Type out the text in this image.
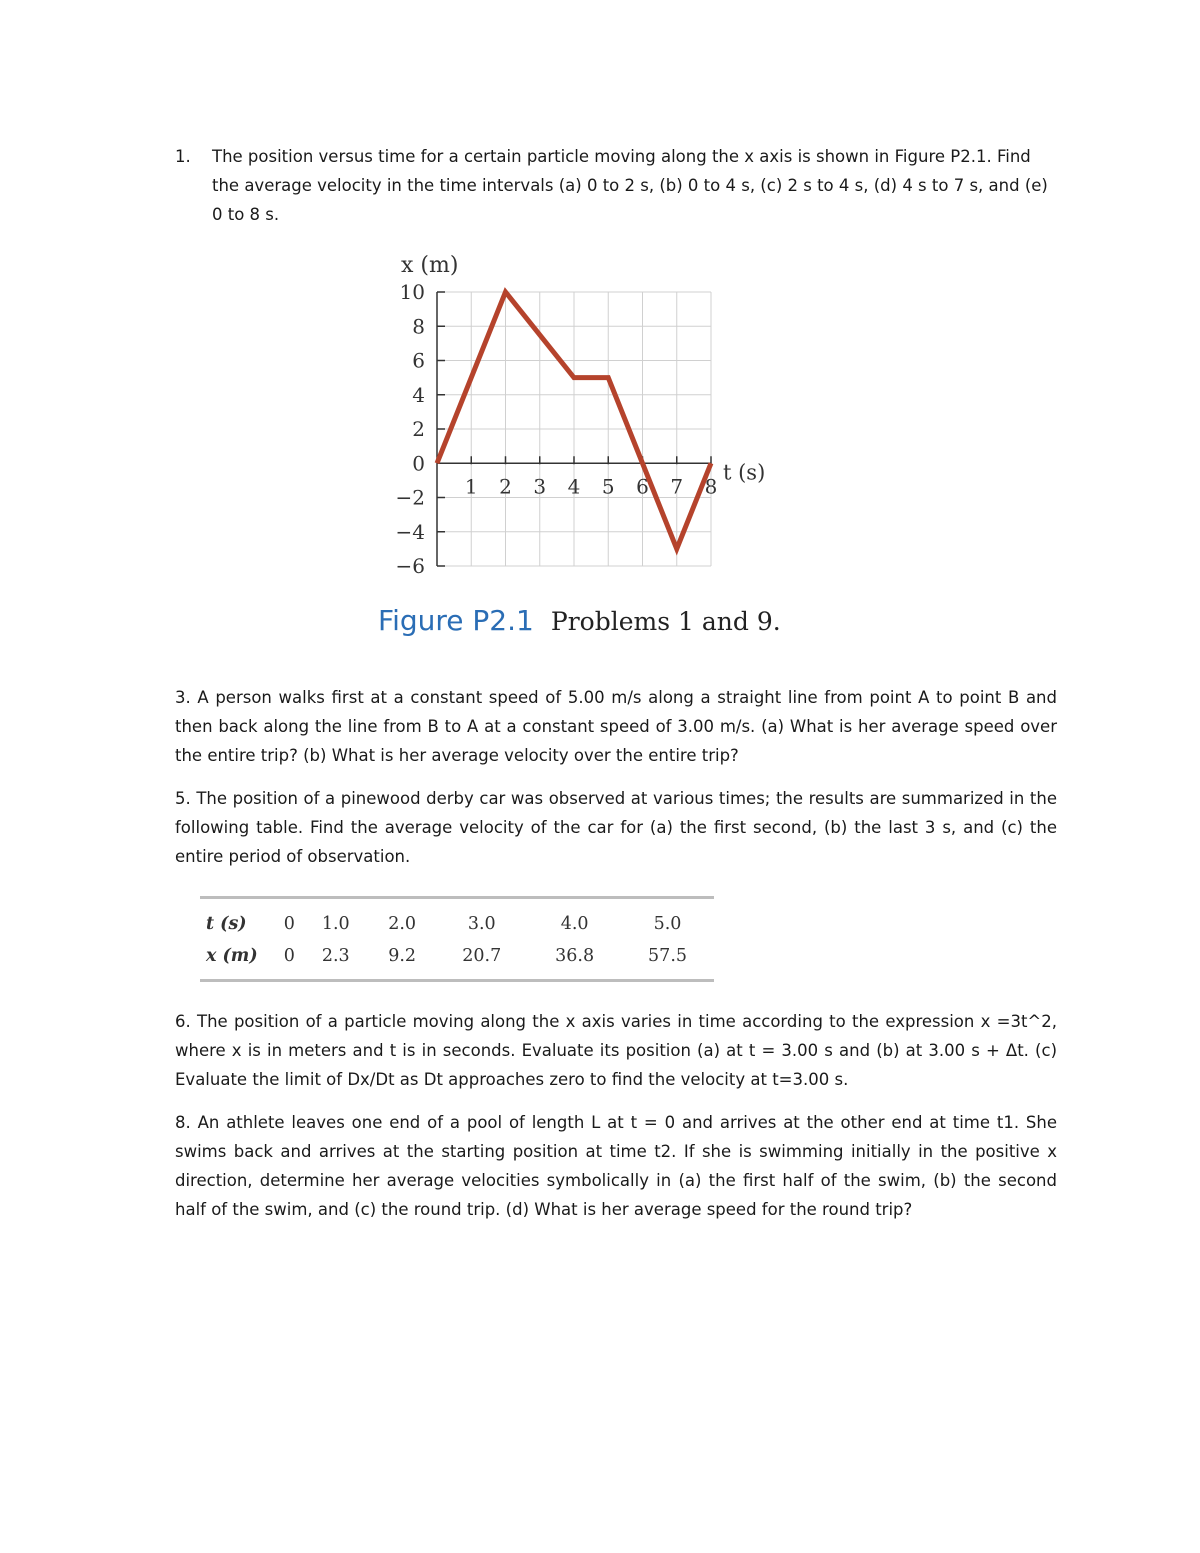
1. The position versus time for a certain particle moving along the x axis is shown in Figure P2.1. Find the average velocity in the time intervals (a) 0 to 2 s, (b) 0 to 4 s, (c) 2 s to 4 s, (d) 4 s to 7 s, and (e) 0 to 8 s.
10
8
6
4
2
0
−2
−4
−6
1 2 3 4 5 6 7 8
x (m)
t (s)
Figure P2.1 Problems 1 and 9.
3. A person walks first at a constant speed of 5.00 m/s along a straight line from point A to point B and then back along the line from B to A at a constant speed of 3.00 m/s. (a) What is her average speed over the entire trip? (b) What is her average velocity over the entire trip?
5. The position of a pinewood derby car was observed at various times; the results are summarized in the following table. Find the average velocity of the car for (a) the first second, (b) the last 3 s, and (c) the entire period of observation.
t (s)	0	1.0	2.0	3.0	4.0	5.0
x (m)	0	2.3	9.2	20.7	36.8	57.5
6. The position of a particle moving along the x axis varies in time according to the expression x =3t^2, where x is in meters and t is in seconds. Evaluate its position (a) at t = 3.00 s and (b) at 3.00 s + Δt. (c) Evaluate the limit of Dx/Dt as Dt approaches zero to find the velocity at t=3.00 s.
8. An athlete leaves one end of a pool of length L at t = 0 and arrives at the other end at time t1. She swims back and arrives at the starting position at time t2. If she is swimming initially in the positive x direction, determine her average velocities symbolically in (a) the first half of the swim, (b) the second half of the swim, and (c) the round trip. (d) What is her average speed for the round trip?
